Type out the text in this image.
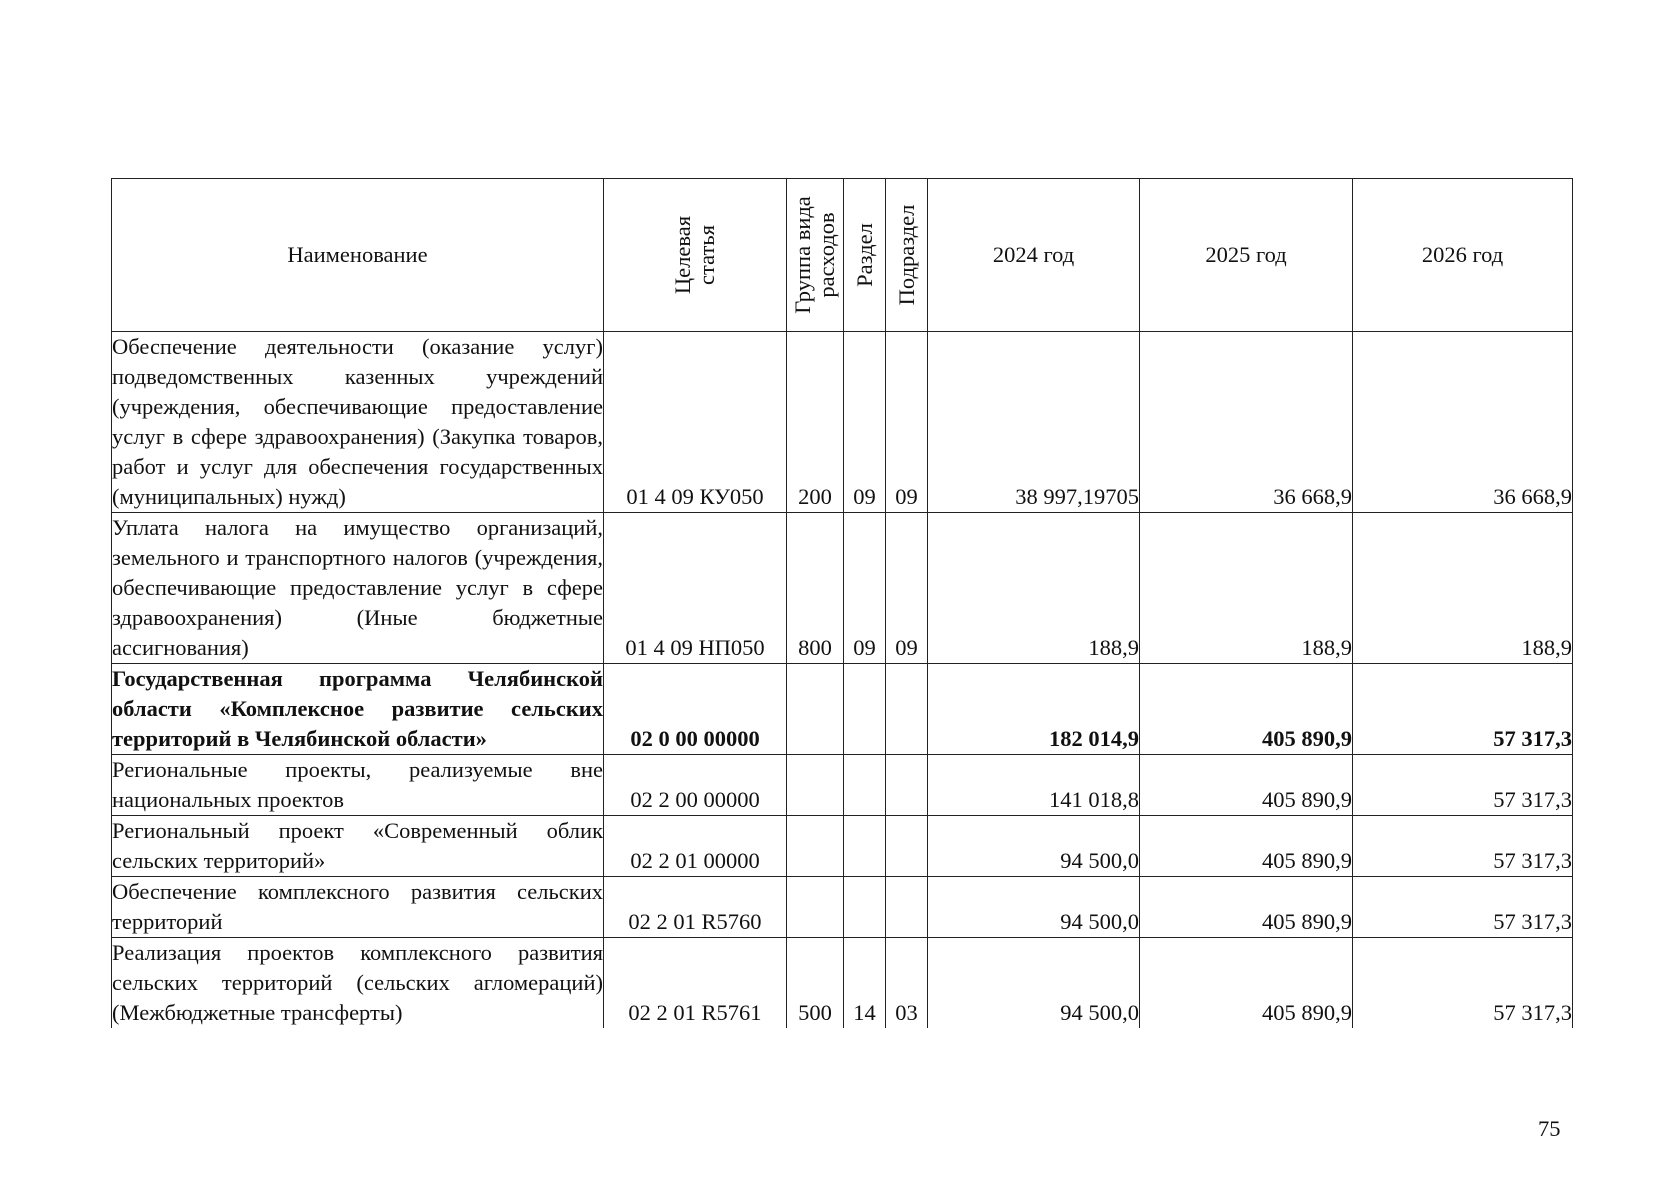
Наименование	Целевая статья	Группа вида расходов	Раздел	Подраздел	2024 год	2025 год	2026 год
Обеспечение деятельности (оказание услуг) подведомственных казенных учреждений (учреждения, обеспечивающие предоставление услуг в сфере здравоохранения) (Закупка товаров, работ и услуг для обеспечения государственных (муниципальных) нужд)	01 4 09 КУ050	200	09	09	38 997,19705	36 668,9	36 668,9
Уплата налога на имущество организаций, земельного и транспортного налогов (учреждения, обеспечивающие предоставление услуг в сфере здравоохранения) (Иные бюджетные ассигнования)	01 4 09 НП050	800	09	09	188,9	188,9	188,9
Государственная программа Челябинской области «Комплексное развитие сельских территорий в Челябинской области»	02 0 00 00000				182 014,9	405 890,9	57 317,3
Региональные проекты, реализуемые вне национальных проектов	02 2 00 00000				141 018,8	405 890,9	57 317,3
Региональный проект «Современный облик сельских территорий»	02 2 01 00000				94 500,0	405 890,9	57 317,3
Обеспечение комплексного развития сельских территорий	02 2 01 R5760				94 500,0	405 890,9	57 317,3
Реализация проектов комплексного развития сельских территорий (сельских агломераций) (Межбюджетные трансферты)	02 2 01 R5761	500	14	03	94 500,0	405 890,9	57 317,3
75
